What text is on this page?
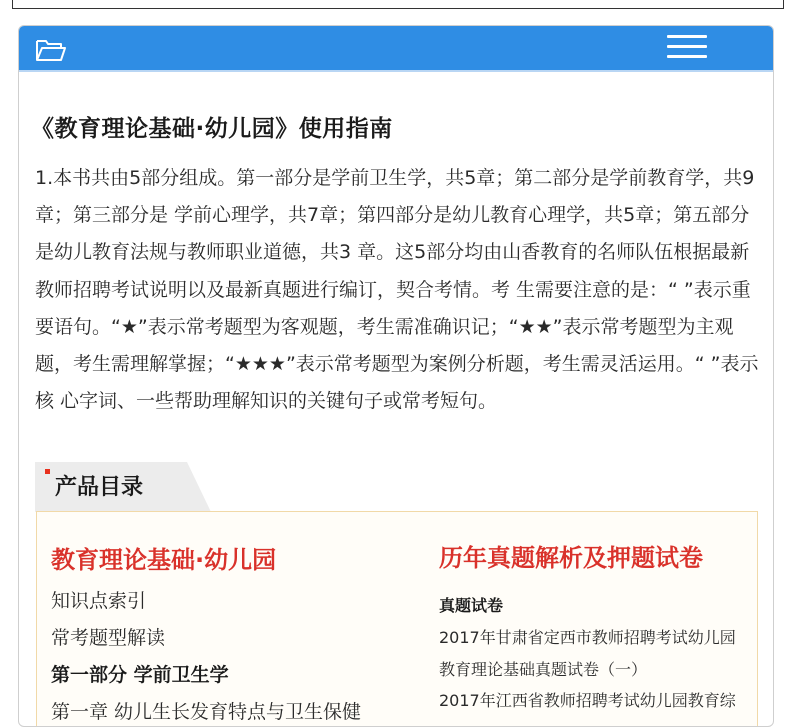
《教育理论基础·幼儿园》使用指南

1.本书共由5部分组成。第一部分是学前卫生学，共5章；第二部分是学前教育学，共9章；第三部分是 学前心理学，共7章；第四部分是幼儿教育心理学，共5章；第五部分是幼儿教育法规与教师职业道德，共3 章。这5部分均由山香教育的名师队伍根据最新教师招聘考试说明以及最新真题进行编订，契合考情。考 生需要注意的是：“ ”表示重要语句。“★”表示常考题型为客观题，考生需准确识记；“★★”表示常考题型为主观题，考生需理解掌握；“★★★”表示常考题型为案例分析题，考生需灵活运用。“ ”表示核 心字词、一些帮助理解知识的关键句子或常考短句。

产品目录
教育理论基础·幼儿园
知识点索引
常考题型解读
第一部分 学前卫生学
第一章 幼儿生长发育特点与卫生保健
历年真题解析及押题试卷
真题试卷
2017年甘肃省定西市教师招聘考试幼儿园
教育理论基础真题试卷（一）
2017年江西省教师招聘考试幼儿园教育综
